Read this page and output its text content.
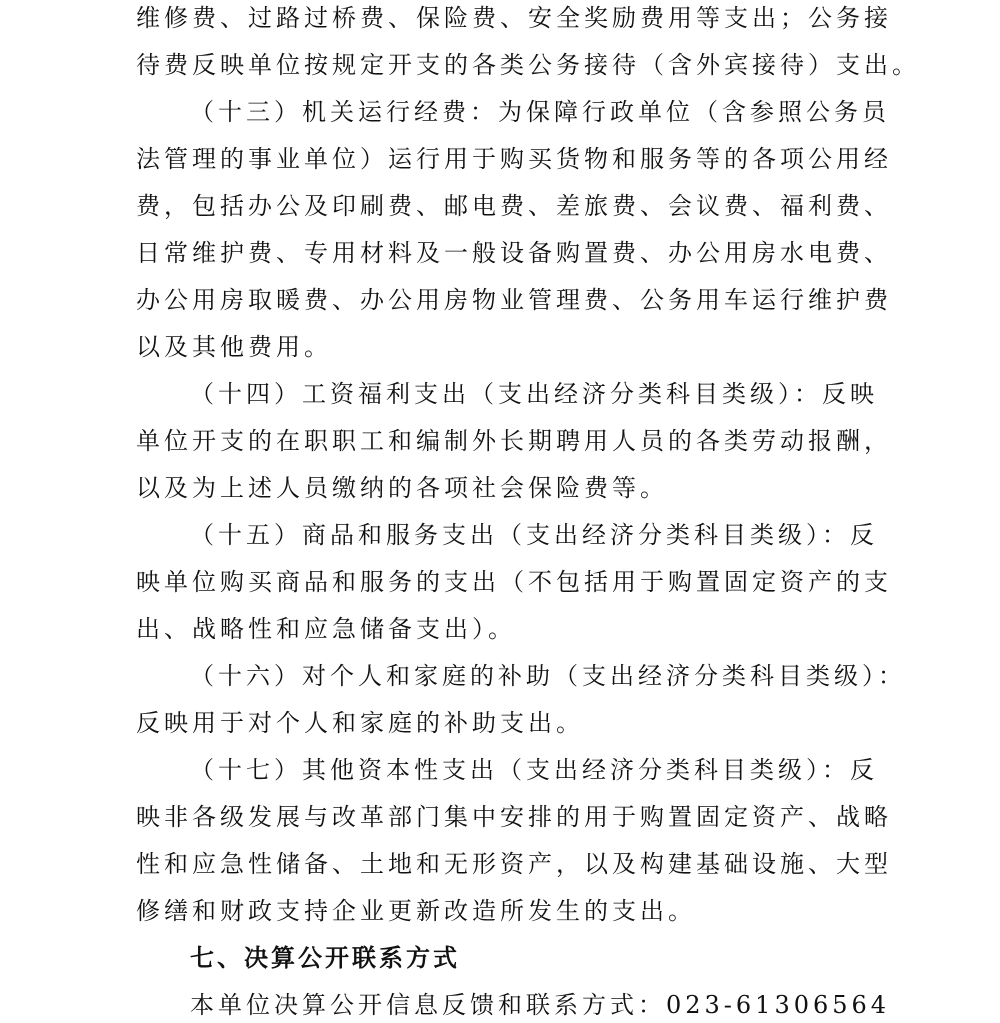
维修费、过路过桥费、保险费、安全奖励费用等支出；公务接
待费反映单位按规定开支的各类公务接待（含外宾接待）支出。
（十三）机关运行经费：为保障行政单位（含参照公务员
法管理的事业单位）运行用于购买货物和服务等的各项公用经
费，包括办公及印刷费、邮电费、差旅费、会议费、福利费、
日常维护费、专用材料及一般设备购置费、办公用房水电费、
办公用房取暖费、办公用房物业管理费、公务用车运行维护费
以及其他费用。
（十四）工资福利支出（支出经济分类科目类级）：反映
单位开支的在职职工和编制外长期聘用人员的各类劳动报酬，
以及为上述人员缴纳的各项社会保险费等。
（十五）商品和服务支出（支出经济分类科目类级）：反
映单位购买商品和服务的支出（不包括用于购置固定资产的支
出、战略性和应急储备支出）。
（十六）对个人和家庭的补助（支出经济分类科目类级）：
反映用于对个人和家庭的补助支出。
（十七）其他资本性支出（支出经济分类科目类级）：反
映非各级发展与改革部门集中安排的用于购置固定资产、战略
性和应急性储备、土地和无形资产，以及构建基础设施、大型
修缮和财政支持企业更新改造所发生的支出。
七、决算公开联系方式
本单位决算公开信息反馈和联系方式：023-61306564
